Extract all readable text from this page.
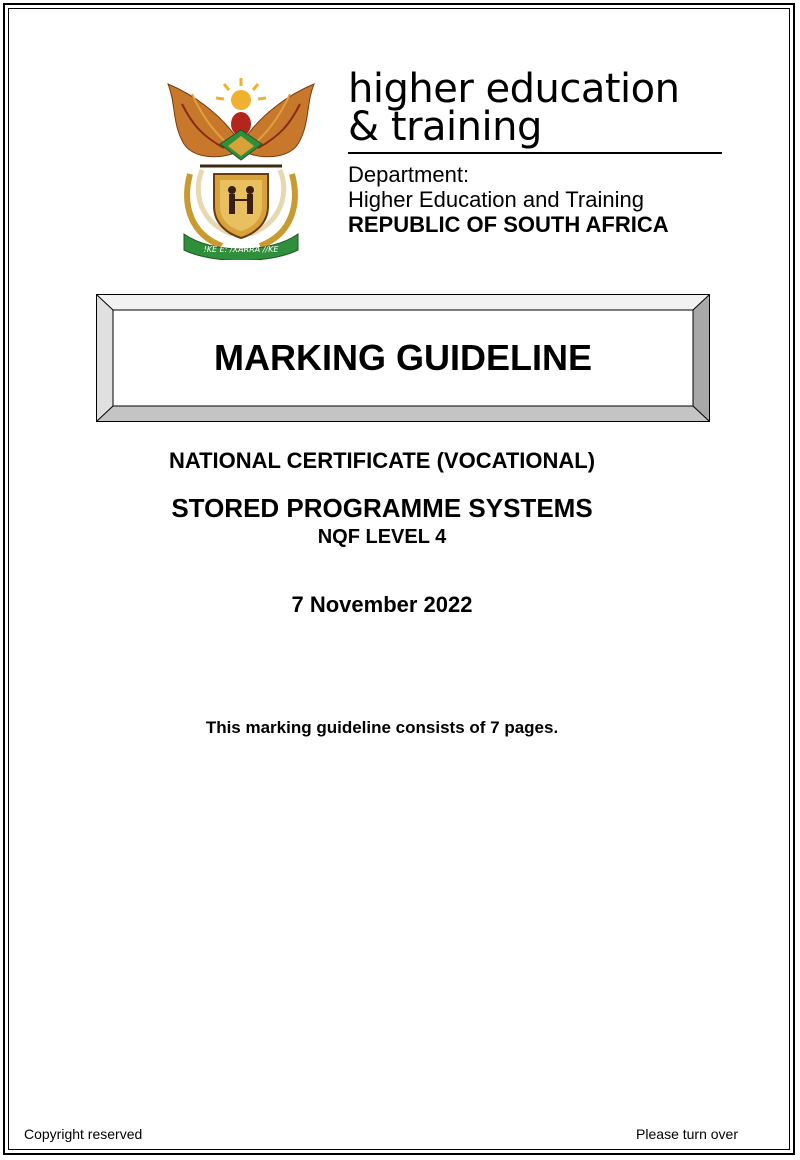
!KE E: /XARRA //KE
higher education
& training
Department:
Higher Education and Training
REPUBLIC OF SOUTH AFRICA
MARKING GUIDELINE
NATIONAL CERTIFICATE (VOCATIONAL)
STORED PROGRAMME SYSTEMS
NQF LEVEL 4
7 November 2022
This marking guideline consists of 7 pages.
Copyright reserved	Please turn over
